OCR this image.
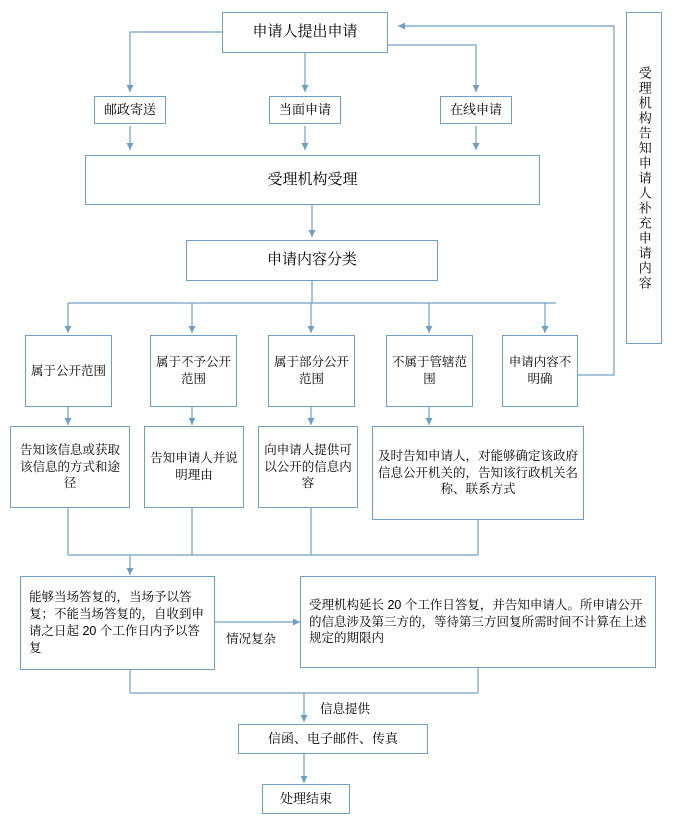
申请人提出申请
邮政寄送	当面申请	在线申请
受理机构受理
申请内容分类
属于公开范围
属于不予公开范围
属于部分公开范围
不属于管辖范围
申请内容不明确
告知该信息或获取该信息的方式和途径
告知申请人并说明理由
向申请人提供可以公开的信息内容
及时告知申请人，对能够确定该政府信息公开机关的，告知该行政机关名称、联系方式
能够当场答复的，当场予以答复；不能当场答复的，自收到申请之日起 20 个工作日内予以答复
受理机构延长 20 个工作日答复，并告知申请人。所申请公开的信息涉及第三方的，等待第三方回复所需时间不计算在上述规定的期限内
情况复杂
信息提供
信函、电子邮件、传真
处理结束
受理机构告知申请人补充申请内容
